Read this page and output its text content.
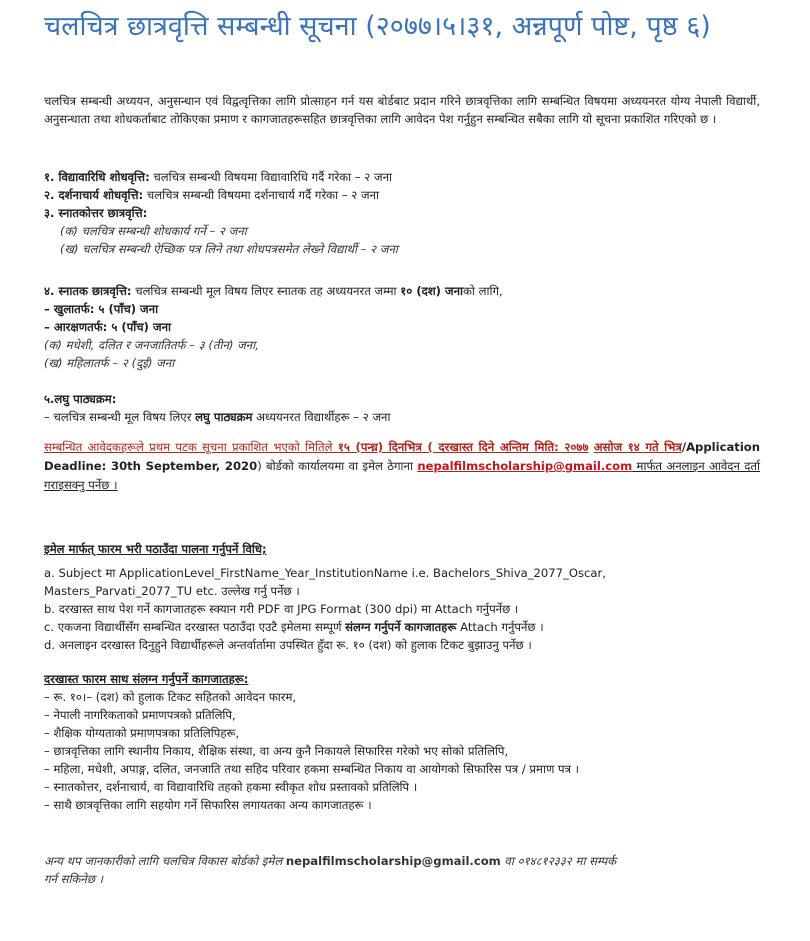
चलचित्र छात्रवृत्ति सम्बन्धी सूचना (२०७७।५।३१, अन्नपूर्ण पोष्ट, पृष्ठ ६)
चलचित्र सम्बन्धी अध्ययन, अनुसन्धान एवं विद्वत्वृत्तिका लागि प्रोत्साहन गर्न यस बोर्डबाट प्रदान गरिने छात्रवृत्तिका लागि सम्बन्धित विषयमा अध्ययनरत योग्य नेपाली विद्यार्थी, अनुसन्धाता तथा शोधकर्ताबाट तोकिएका प्रमाण र कागजातहरूसहित छात्रवृत्तिका लागि आवेदन पेश गर्नुहुन सम्बन्धित सबैका लागि यो सूचना प्रकाशित गरिएको छ ।
१. विद्यावारिधि शोधवृत्ति: चलचित्र सम्बन्धी विषयमा विद्यावारिधि गर्दै गरेका – २ जना
२. दर्शनाचार्य शोधवृत्ति: चलचित्र सम्बन्धी विषयमा दर्शनाचार्य गर्दै गरेका – २ जना
३. स्नातकोत्तर छात्रवृत्ति:
(क) चलचित्र सम्बन्धी शोधकार्य गर्ने – २ जना
(ख) चलचित्र सम्बन्धी ऐच्छिक पत्र लिने तथा शोधपत्रसमेत लेख्ने विद्यार्थी – २ जना
४. स्नातक छात्रवृत्ति: चलचित्र सम्बन्धी मूल विषय लिएर स्नातक तह अध्ययनरत जम्मा १० (दश) जनाको लागि,
– खुलातर्फ: ५ (पाँच) जना
– आरक्षणतर्फ: ५ (पाँच) जना
(क) मधेशी, दलित र जनजातितर्फ – ३ (तीन) जना,
(ख) महिलातर्फ – २ (दुई) जना
५.लघु पाठ्यक्रम:
– चलचित्र सम्बन्धी मूल विषय लिएर लघु पाठ्यक्रम अध्ययनरत विद्यार्थीहरू – २ जना
सम्बन्धित आवेदकहरूले प्रथम पटक सूचना प्रकाशित भएको मितिले १५ (पन्ध्र) दिनभित्र ( दरखास्त दिने अन्तिम मिति: २०७७ असोज १४ गते भित्र/Application Deadline: 30th September, 2020) बोर्डको कार्यालयमा वा इमेल ठेगाना nepalfilmscholarship@gmail.com मार्फत अनलाइन आवेदन दर्ता गराइसक्नु पर्नेछ ।
इमेल मार्फत् फारम भरी पठाउँदा पालना गर्नुपर्ने विधि;
a. Subject मा ApplicationLevel_FirstName_Year_InstitutionName i.e. Bachelors_Shiva_2077_Oscar,
Masters_Parvati_2077_TU etc. उल्लेख गर्नु पर्नेछ ।
b. दरखास्त साथ पेश गर्ने कागजातहरू स्क्यान गरी PDF वा JPG Format (300 dpi) मा Attach गर्नुपर्नेछ ।
c. एकजना विद्यार्थीसँग सम्बन्धित दरखास्त पठाउँदा एउटै इमेलमा सम्पूर्ण संलग्न गर्नुपर्ने कागजातहरू Attach गर्नुपर्नेछ ।
d. अनलाइन दरखास्त दिनुहुने विद्यार्थीहरूले अन्तर्वार्तामा उपस्थित हुँदा रू. १० (दश) को हुलाक टिकट बुझाउनु पर्नेछ ।
दरखास्त फारम साथ संलग्न गर्नुपर्ने कागजातहरू:
– रू. १०।– (दश) को हुलाक टिकट सहितको आवेदन फारम,
– नेपाली नागरिकताको प्रमाणपत्रको प्रतिलिपि,
– शैक्षिक योग्यताको प्रमाणपत्रका प्रतिलिपिहरू,
– छात्रवृत्तिका लागि स्थानीय निकाय, शैक्षिक संस्था, वा अन्य कुनै निकायले सिफारिस गरेको भए सोको प्रतिलिपि,
– महिला, मधेशी, अपाङ्ग, दलित, जनजाति तथा सहिद परिवार हकमा सम्बन्धित निकाय वा आयोगको सिफारिस पत्र / प्रमाण पत्र ।
– स्नातकोत्तर, दर्शनाचार्य, वा विद्यावारिधि तहको हकमा स्वीकृत शोध प्रस्तावको प्रतिलिपि ।
– साथै छात्रवृत्तिका लागि सहयोग गर्ने सिफारिस लगायतका अन्य कागजातहरू ।
अन्य थप जानकारीको लागि चलचित्र विकास बोर्डको इमेल nepalfilmscholarship@gmail.com वा ०१४८१२३३२ मा सम्पर्क
गर्न सकिनेछ ।
